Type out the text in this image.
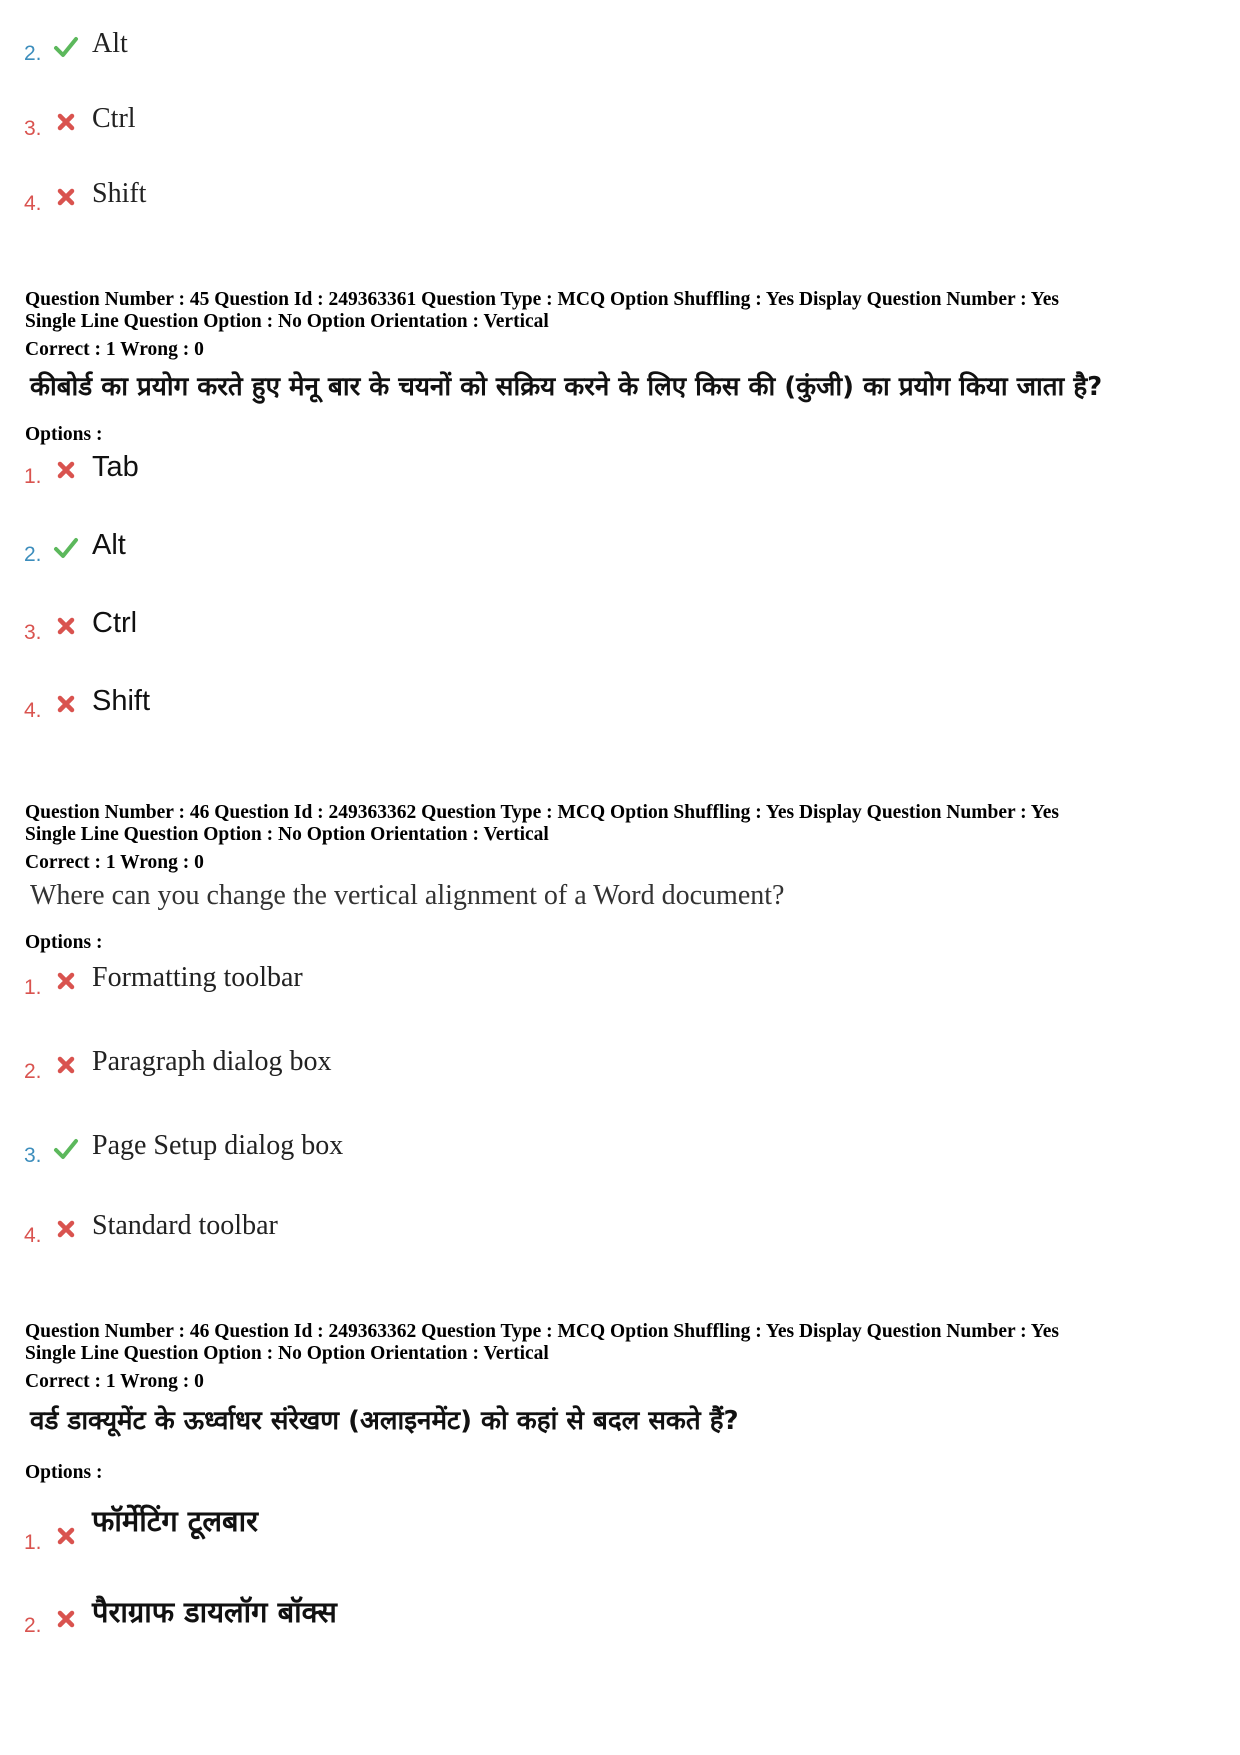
2. Alt
3. Ctrl
4. Shift
Question Number : 45 Question Id : 249363361 Question Type : MCQ Option Shuffling : Yes Display Question Number : Yes
Single Line Question Option : No Option Orientation : Vertical
Correct : 1 Wrong : 0
कीबोर्ड का प्रयोग करते हुए मेनू बार के चयनों को सक्रिय करने के लिए किस की (कुंजी) का प्रयोग किया जाता है?
Options :
1. Tab
2. Alt
3. Ctrl
4. Shift
Question Number : 46 Question Id : 249363362 Question Type : MCQ Option Shuffling : Yes Display Question Number : Yes
Single Line Question Option : No Option Orientation : Vertical
Correct : 1 Wrong : 0
Where can you change the vertical alignment of a Word document?
Options :
1. Formatting toolbar
2. Paragraph dialog box
3. Page Setup dialog box
4. Standard toolbar
Question Number : 46 Question Id : 249363362 Question Type : MCQ Option Shuffling : Yes Display Question Number : Yes
Single Line Question Option : No Option Orientation : Vertical
Correct : 1 Wrong : 0
वर्ड डाक्यूमेंट के ऊर्ध्वाधर संरेखण (अलाइनमेंट) को कहां से बदल सकते हैं?
Options :
1.
फॉर्मेटिंग टूलबार
2. पैराग्राफ डायलॉग बॉक्स
